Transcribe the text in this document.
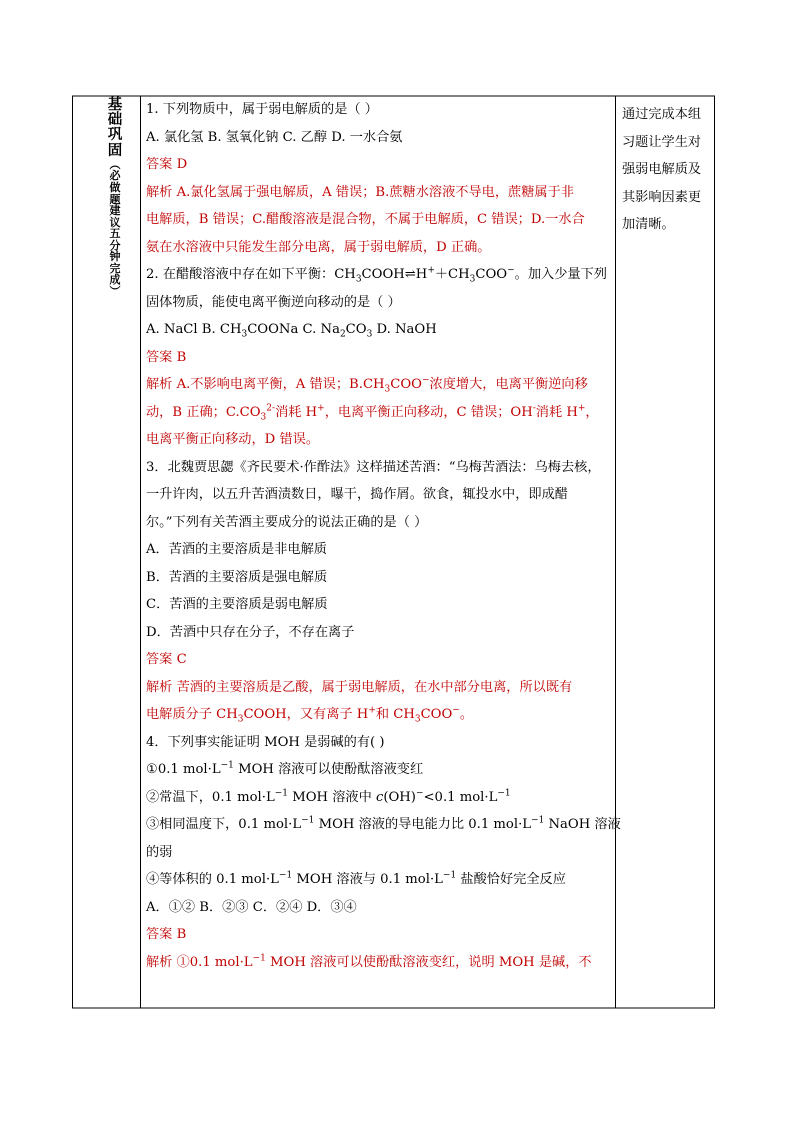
基
础
巩
固
︵
必
做
题
建
议
五
分
钟
完
成
︶

1. 下列物质中，属于弱电解质的是（ ）

A. 氯化氢 B. 氢氧化钠 C. 乙醇 D. 一水合氨

答案 D

解析 A.氯化氢属于强电解质，A 错误；B.蔗糖水溶液不导电，蔗糖属于非

电解质，B 错误；C.醋酸溶液是混合物，不属于电解质，C 错误；D.一水合

氨在水溶液中只能发生部分电离，属于弱电解质，D 正确。

2. 在醋酸溶液中存在如下平衡：$CH_3COOH\rightleftharpoons H^++CH_3COO^-$。加入少量下列

固体物质，能使电离平衡逆向移动的是（ ）

A. NaCl B. $CH_3COONa$ C. $Na_2CO_3$ D. NaOH

答案 B

解析 A.不影响电离平衡，A 错误；$B.CH_3COO^-$浓度增大，电离平衡逆向移

动，B 正确；$C.CO_3^{2-}$消耗 H+，电离平衡正向移动，C 错误；OH-消耗 H+，

电离平衡正向移动，D 错误。

3．北魏贾思勰《齐民要术·作酢法》这样描述苦酒：“乌梅苦酒法：乌梅去核，

一升许肉，以五升苦酒渍数日，曝干，捣作屑。欲食，辄投水中，即成醋

尔。”下列有关苦酒主要成分的说法正确的是（ ）

A．苦酒的主要溶质是非电解质

B．苦酒的主要溶质是强电解质

C．苦酒的主要溶质是弱电解质

D．苦酒中只存在分子，不存在离子

答案 C

解析 苦酒的主要溶质是乙酸，属于弱电解质，在水中部分电离，所以既有

电解质分子 $CH_3COOH$，又有离子 H+和 $CH_3COO^-$。

4．下列事实能证明 MOH 是弱碱的有( )

①0.1 $mol\cdot L^{-1}$ MOH 溶液可以使酚酞溶液变红

②常温下，0.1 $mol\cdot L^{-1}$ MOH 溶液中 c(OH)−<0.1 $mol\cdot L^{-1}$

③相同温度下，0.1 $mol\cdot L^{-1}$ MOH 溶液的导电能力比 0.1 $mol\cdot L^{-1}$ NaOH 溶液

的弱

④等体积的 0.1 $mol\cdot L^{-1}$ MOH 溶液与 0.1 $mol\cdot L^{-1}$ 盐酸恰好完全反应

A．①② B．②③ C．②④ D．③④

答案 B

解析 ①0.1 $mol\cdot L^{-1}$ MOH 溶液可以使酚酞溶液变红，说明 MOH 是碱，不

通过完成本组

习题让学生对

强弱电解质及

其影响因素更

加清晰。
